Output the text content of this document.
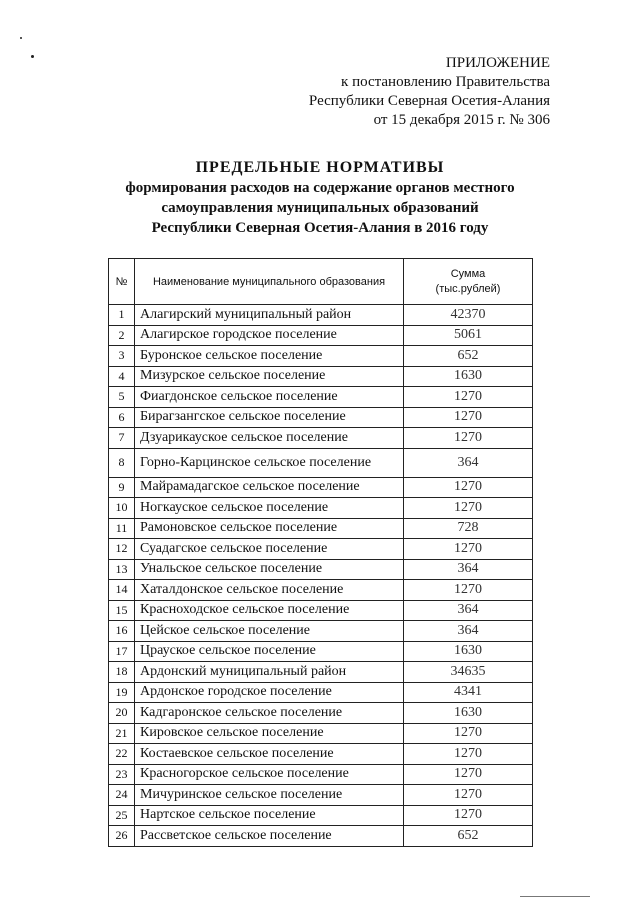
ПРИЛОЖЕНИЕ
к постановлению Правительства
Республики Северная Осетия-Алания
от 15 декабря 2015 г. № 306
ПРЕДЕЛЬНЫЕ НОРМАТИВЫ
формирования расходов на содержание органов местного
самоуправления муниципальных образований
Республики Северная Осетия-Алания в 2016 году
№	Наименование муниципального образования	Сумма
(тыс.рублей)
1	Алагирский муниципальный район	42370
2	Алагирское городское поселение	5061
3	Буронское сельское поселение	652
4	Мизурское сельское поселение	1630
5	Фиагдонское сельское поселение	1270
6	Бирагзангское сельское поселение	1270
7	Дзуарикауское сельское поселение	1270
8	Горно-Карцинское сельское поселение	364
9	Майрамадагское сельское поселение	1270
10	Ногкауское сельское поселение	1270
11	Рамоновское сельское поселение	728
12	Суадагское сельское поселение	1270
13	Унальское сельское поселение	364
14	Хаталдонское сельское поселение	1270
15	Красноходское сельское поселение	364
16	Цейское сельское поселение	364
17	Црауское сельское поселение	1630
18	Ардонский муниципальный район	34635
19	Ардонское городское поселение	4341
20	Кадгаронское сельское поселение	1630
21	Кировское сельское поселение	1270
22	Костаевское сельское поселение	1270
23	Красногорское сельское поселение	1270
24	Мичуринское сельское поселение	1270
25	Нартское сельское поселение	1270
26	Рассветское сельское поселение	652
